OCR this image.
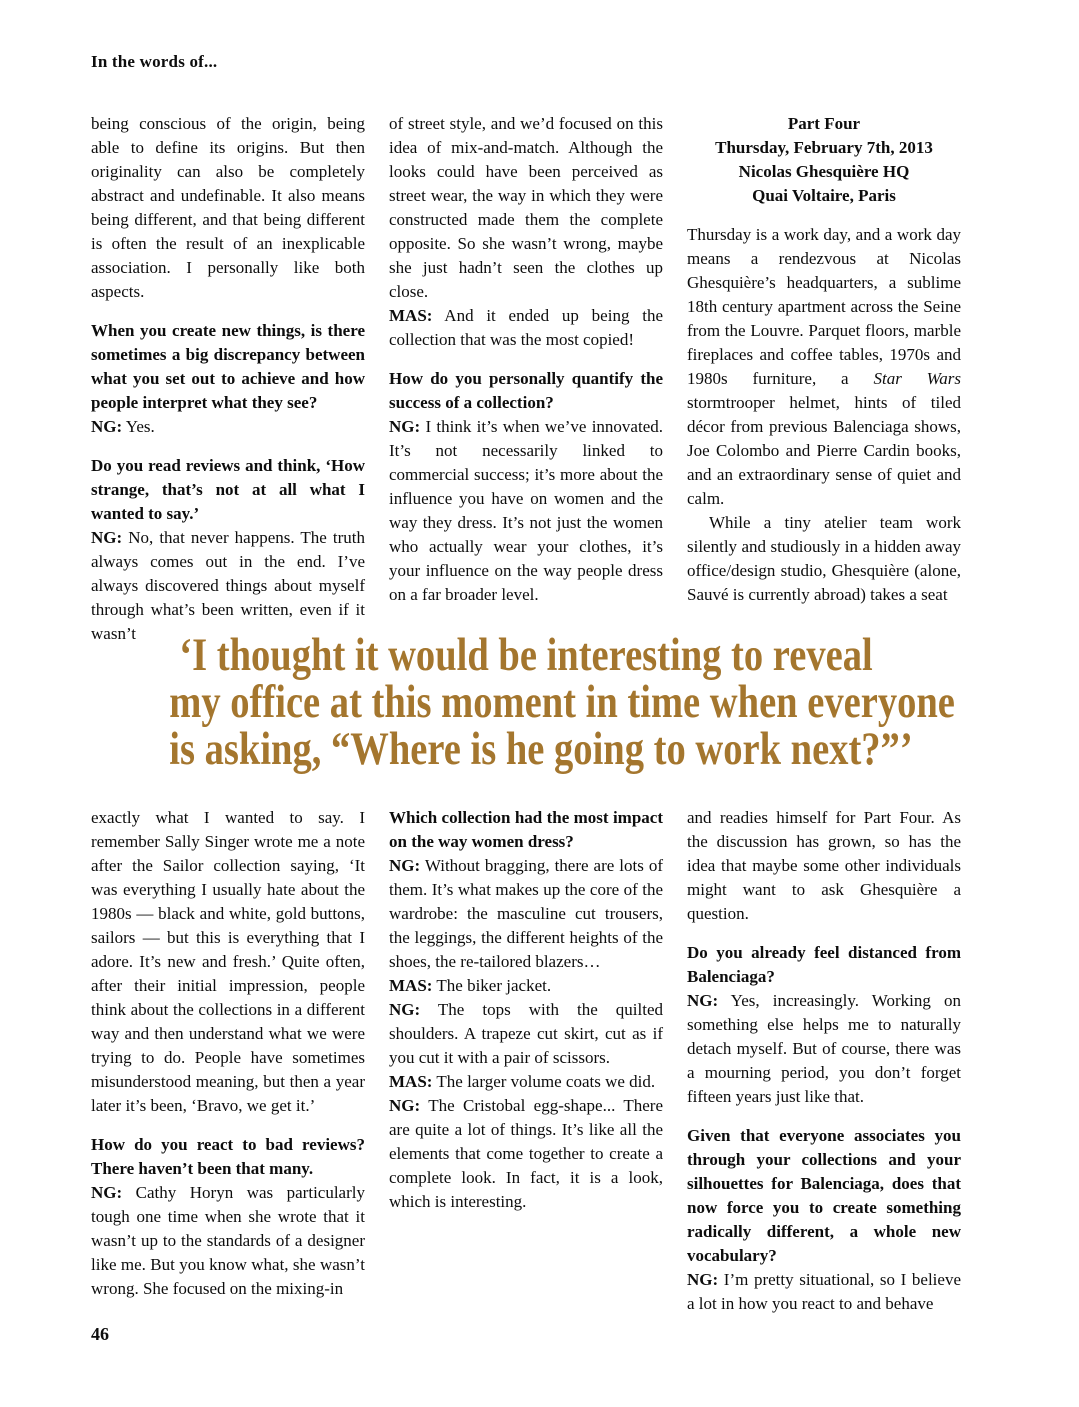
In the words of...

being conscious of the origin, being able to define its origins. But then originality can also be completely abstract and undefinable. It also means being different, and that being different is often the result of an inexplicable association. I personally like both aspects.

When you create new things, is there sometimes a big discrepancy between what you set out to achieve and how people interpret what they see?

NG: Yes.

Do you read reviews and think, ‘How strange, that’s not at all what I wanted to say.’

NG: No, that never happens. The truth always comes out in the end. I’ve always discovered things about myself through what’s been written, even if it wasn’t

of street style, and we’d focused on this idea of mix-and-match. Although the looks could have been perceived as street wear, the way in which they were constructed made them the complete opposite. So she wasn’t wrong, maybe she just hadn’t seen the clothes up close.

MAS: And it ended up being the collection that was the most copied!

How do you personally quantify the success of a collection?

NG: I think it’s when we’ve innovated. It’s not necessarily linked to commercial success; it’s more about the influence you have on women and the way they dress. It’s not just the women who actually wear your clothes, it’s your influence on the way people dress on a far broader level.

Part Four
Thursday, February 7th, 2013
Nicolas Ghesquière HQ
Quai Voltaire, Paris

Thursday is a work day, and a work day means a rendezvous at Nicolas Ghesquière’s headquarters, a sublime 18th century apartment across the Seine from the Louvre. Parquet floors, marble fireplaces and coffee tables, 1970s and 1980s furniture, a Star Wars stormtrooper helmet, hints of tiled décor from previous Balenciaga shows, Joe Colombo and Pierre Cardin books, and an extraordinary sense of quiet and calm.

While a tiny atelier team work silently and studiously in a hidden away office/design studio, Ghesquière (alone, Sauvé is currently abroad) takes a seat

‘I thought it would be interesting to reveal
my office at this moment in time when everyone
is asking, “Where is he going to work next?”’

exactly what I wanted to say. I remember Sally Singer wrote me a note after the Sailor collection saying, ‘It was everything I usually hate about the 1980s — black and white, gold buttons, sailors — but this is everything that I adore. It’s new and fresh.’ Quite often, after their initial impression, people think about the collections in a different way and then understand what we were trying to do. People have sometimes misunderstood meaning, but then a year later it’s been, ‘Bravo, we get it.’

How do you react to bad reviews? There haven’t been that many.

NG: Cathy Horyn was particularly tough one time when she wrote that it wasn’t up to the standards of a designer like me. But you know what, she wasn’t wrong. She focused on the mixing-in

Which collection had the most impact on the way women dress?

NG: Without bragging, there are lots of them. It’s what makes up the core of the wardrobe: the masculine cut trousers, the leggings, the different heights of the shoes, the re-tailored blazers…

MAS: The biker jacket.

NG: The tops with the quilted shoulders. A trapeze cut skirt, cut as if you cut it with a pair of scissors.

MAS: The larger volume coats we did.

NG: The Cristobal egg-shape... There are quite a lot of things. It’s like all the elements that come together to create a complete look. In fact, it is a look, which is interesting.

and readies himself for Part Four. As the discussion has grown, so has the idea that maybe some other individuals might want to ask Ghesquière a question.

Do you already feel distanced from Balenciaga?

NG: Yes, increasingly. Working on something else helps me to naturally detach myself. But of course, there was a mourning period, you don’t forget fifteen years just like that.

Given that everyone associates you through your collections and your silhouettes for Balenciaga, does that now force you to create something radically different, a whole new vocabulary?

NG: I’m pretty situational, so I believe a lot in how you react to and behave

46
